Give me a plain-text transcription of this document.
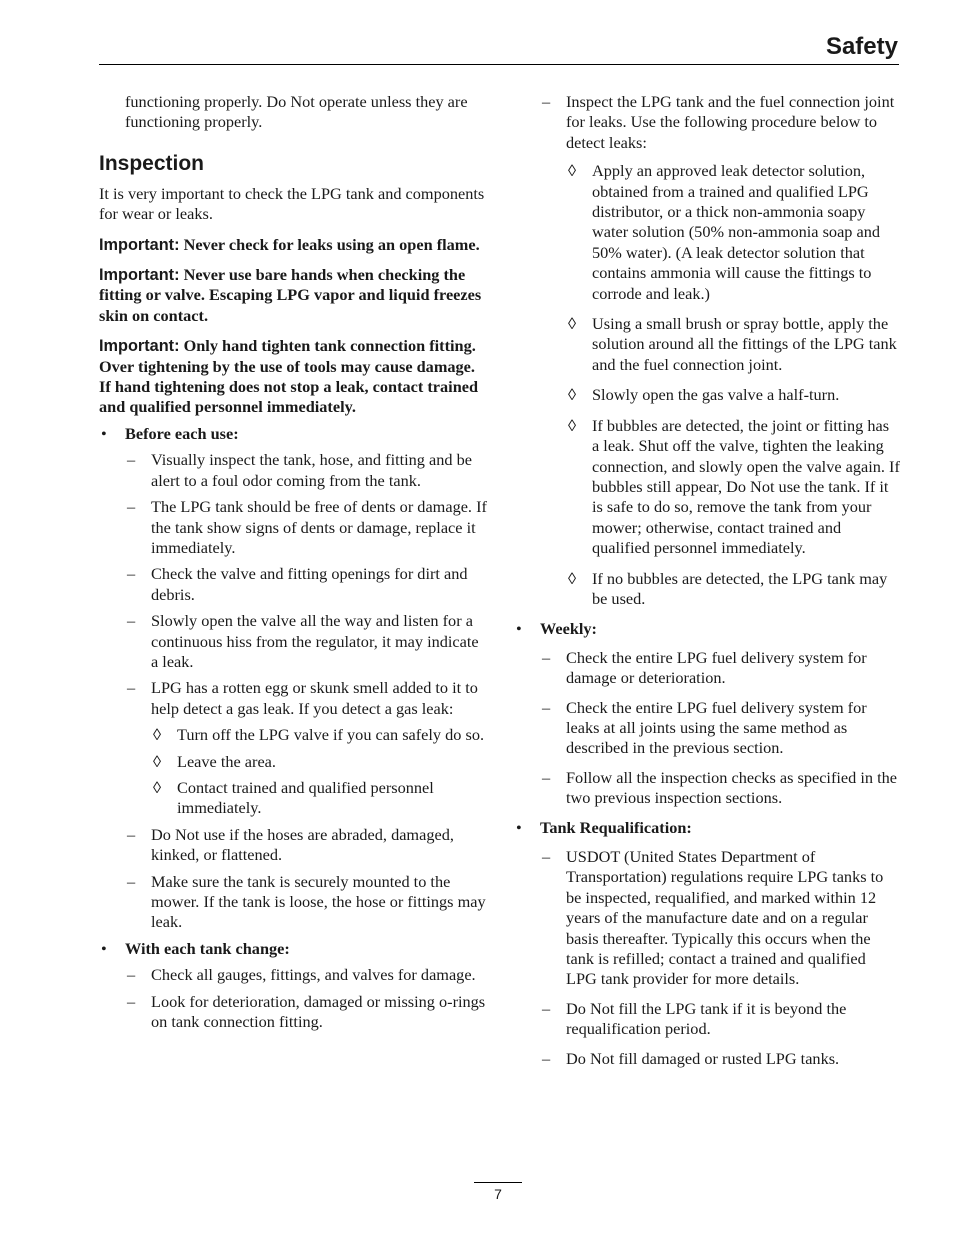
Safety

functioning properly. Do Not operate unless they are functioning properly.

Inspection

It is very important to check the LPG tank and components for wear or leaks.

Important: Never check for leaks using an open flame.

Important: Never use bare hands when checking the fitting or valve. Escaping LPG vapor and liquid freezes skin on contact.

Important: Only hand tighten tank connection fitting. Over tightening by the use of tools may cause damage. If hand tightening does not stop a leak, contact trained and qualified personnel immediately.

• Before each use:
– Visually inspect the tank, hose, and fitting and be alert to a foul odor coming from the tank.
– The LPG tank should be free of dents or damage. If the tank show signs of dents or damage, replace it immediately.
– Check the valve and fitting openings for dirt and debris.
– Slowly open the valve all the way and listen for a continuous hiss from the regulator, it may indicate a leak.
– LPG has a rotten egg or skunk smell added to it to help detect a gas leak. If you detect a gas leak:
◊ Turn off the LPG valve if you can safely do so.
◊ Leave the area.
◊ Contact trained and qualified personnel immediately.
– Do Not use if the hoses are abraded, damaged, kinked, or flattened.
– Make sure the tank is securely mounted to the mower. If the tank is loose, the hose or fittings may leak.
• With each tank change:
– Check all gauges, fittings, and valves for damage.
– Look for deterioration, damaged or missing o-rings on tank connection fitting.
– Inspect the LPG tank and the fuel connection joint for leaks. Use the following procedure below to detect leaks:
◊ Apply an approved leak detector solution, obtained from a trained and qualified LPG distributor, or a thick non-ammonia soapy water solution (50% non-ammonia soap and 50% water). (A leak detector solution that contains ammonia will cause the fittings to corrode and leak.)
◊ Using a small brush or spray bottle, apply the solution around all the fittings of the LPG tank and the fuel connection joint.
◊ Slowly open the gas valve a half-turn.
◊ If bubbles are detected, the joint or fitting has a leak. Shut off the valve, tighten the leaking connection, and slowly open the valve again. If bubbles still appear, Do Not use the tank. If it is safe to do so, remove the tank from your mower; otherwise, contact trained and qualified personnel immediately.
◊ If no bubbles are detected, the LPG tank may be used.
• Weekly:
– Check the entire LPG fuel delivery system for damage or deterioration.
– Check the entire LPG fuel delivery system for leaks at all joints using the same method as described in the previous section.
– Follow all the inspection checks as specified in the two previous inspection sections.
• Tank Requalification:
– USDOT (United States Department of Transportation) regulations require LPG tanks to be inspected, requalified, and marked within 12 years of the manufacture date and on a regular basis thereafter. Typically this occurs when the tank is refilled; contact a trained and qualified LPG tank provider for more details.
– Do Not fill the LPG tank if it is beyond the requalification period.
– Do Not fill damaged or rusted LPG tanks.
7
